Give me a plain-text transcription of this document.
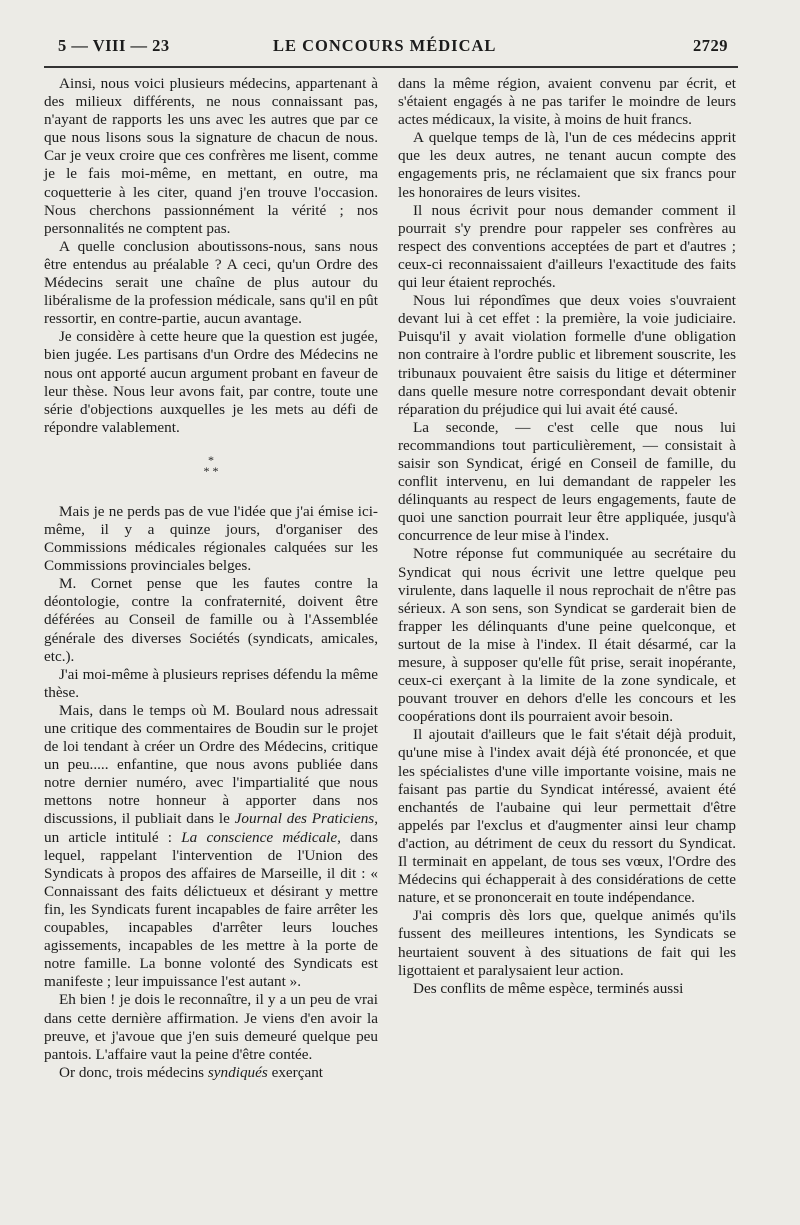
5 — VIII — 23	LE CONCOURS MÉDICAL	2729

Ainsi, nous voici plusieurs médecins, appartenant à des milieux différents, ne nous connaissant pas, n'ayant de rapports les uns avec les autres que par ce que nous lisons sous la signature de chacun de nous. Car je veux croire que ces confrères me lisent, comme je le fais moi-même, en mettant, en outre, ma coquetterie à les citer, quand j'en trouve l'occasion. Nous cherchons passionnément la vérité ; nos personnalités ne comptent pas.

A quelle conclusion aboutissons-nous, sans nous être entendus au préalable ? A ceci, qu'un Ordre des Médecins serait une chaîne de plus autour du libéralisme de la profession médicale, sans qu'il en pût ressortir, en contre-partie, aucun avantage.

Je considère à cette heure que la question est jugée, bien jugée. Les partisans d'un Ordre des Médecins ne nous ont apporté aucun argument probant en faveur de leur thèse. Nous leur avons fait, par contre, toute une série d'objections auxquelles je les mets au défi de répondre valablement.

*
* *

Mais je ne perds pas de vue l'idée que j'ai émise ici-même, il y a quinze jours, d'organiser des Commissions médicales régionales calquées sur les Commissions provinciales belges.

M. Cornet pense que les fautes contre la déontologie, contre la confraternité, doivent être déférées au Conseil de famille ou à l'Assemblée générale des diverses Sociétés (syndicats, amicales, etc.).

J'ai moi-même à plusieurs reprises défendu la même thèse.

Mais, dans le temps où M. Boulard nous adressait une critique des commentaires de Boudin sur le projet de loi tendant à créer un Ordre des Médecins, critique un peu..... enfantine, que nous avons publiée dans notre dernier numéro, avec l'impartialité que nous mettons notre honneur à apporter dans nos discussions, il publiait dans le Journal des Praticiens, un article intitulé : La conscience médicale, dans lequel, rappelant l'intervention de l'Union des Syndicats à propos des affaires de Marseille, il dit : « Connaissant des faits délictueux et désirant y mettre fin, les Syndicats furent incapables de faire arrêter les coupables, incapables d'arrêter leurs louches agissements, incapables de les mettre à la porte de notre famille. La bonne volonté des Syndicats est manifeste ; leur impuissance l'est autant ».

Eh bien ! je dois le reconnaître, il y a un peu de vrai dans cette dernière affirmation. Je viens d'en avoir la preuve, et j'avoue que j'en suis demeuré quelque peu pantois. L'affaire vaut la peine d'être contée.

Or donc, trois médecins syndiqués exerçant

dans la même région, avaient convenu par écrit, et s'étaient engagés à ne pas tarifer le moindre de leurs actes médicaux, la visite, à moins de huit francs.

A quelque temps de là, l'un de ces médecins apprit que les deux autres, ne tenant aucun compte des engagements pris, ne réclamaient que six francs pour les honoraires de leurs visites.

Il nous écrivit pour nous demander comment il pourrait s'y prendre pour rappeler ses confrères au respect des conventions acceptées de part et d'autres ; ceux-ci reconnaissaient d'ailleurs l'exactitude des faits qui leur étaient reprochés.

Nous lui répondîmes que deux voies s'ouvraient devant lui à cet effet : la première, la voie judiciaire. Puisqu'il y avait violation formelle d'une obligation non contraire à l'ordre public et librement souscrite, les tribunaux pouvaient être saisis du litige et déterminer dans quelle mesure notre correspondant devait obtenir réparation du préjudice qui lui avait été causé.

La seconde, — c'est celle que nous lui recommandions tout particulièrement, — consistait à saisir son Syndicat, érigé en Conseil de famille, du conflit intervenu, en lui demandant de rappeler les délinquants au respect de leurs engagements, faute de quoi une sanction pourrait leur être appliquée, jusqu'à concurrence de leur mise à l'index.

Notre réponse fut communiquée au secrétaire du Syndicat qui nous écrivit une lettre quelque peu virulente, dans laquelle il nous reprochait de n'être pas sérieux. A son sens, son Syndicat se garderait bien de frapper les délinquants d'une peine quelconque, et surtout de la mise à l'index. Il était désarmé, car la mesure, à supposer qu'elle fût prise, serait inopérante, ceux-ci exerçant à la limite de la zone syndicale, et pouvant trouver en dehors d'elle les concours et les coopérations dont ils pourraient avoir besoin.

Il ajoutait d'ailleurs que le fait s'était déjà produit, qu'une mise à l'index avait déjà été prononcée, et que les spécialistes d'une ville importante voisine, mais ne faisant pas partie du Syndicat intéressé, avaient été enchantés de l'aubaine qui leur permettait d'être appelés par l'exclus et d'augmenter ainsi leur champ d'action, au détriment de ceux du ressort du Syndicat. Il terminait en appelant, de tous ses vœux, l'Ordre des Médecins qui échapperait à des considérations de cette nature, et se prononcerait en toute indépendance.

J'ai compris dès lors que, quelque animés qu'ils fussent des meilleures intentions, les Syndicats se heurtaient souvent à des situations de fait qui les ligottaient et paralysaient leur action.

Des conflits de même espèce, terminés aussi
